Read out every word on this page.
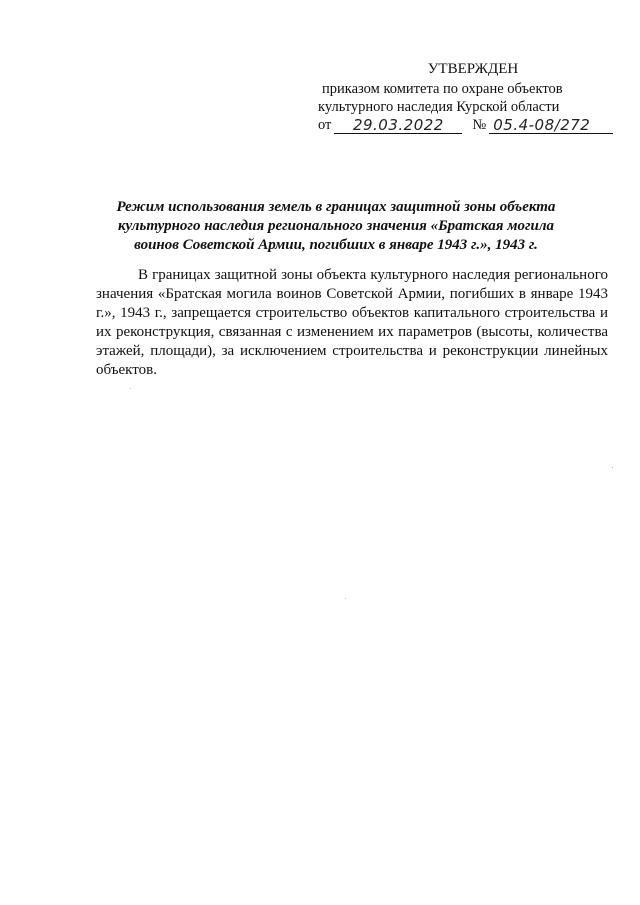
УТВЕРЖДЕН
приказом комитета по охране объектов
культурного наследия Курской области
от	29.03.2022	№ 05.4-08/272
Режим использования земель в границах защитной зоны объекта
культурного наследия регионального значения «Братская могила
воинов Советской Армии, погибших в январе 1943 г.», 1943 г.

В границах защитной зоны объекта культурного наследия регионального значения «Братская могила воинов Советской Армии, погибших в январе 1943 г.», 1943 г., запрещается строительство объектов капитального строительства и их реконструкция, связанная с изменением их параметров (высоты, количества этажей, площади), за исключением строительства и реконструкции линейных объектов.
